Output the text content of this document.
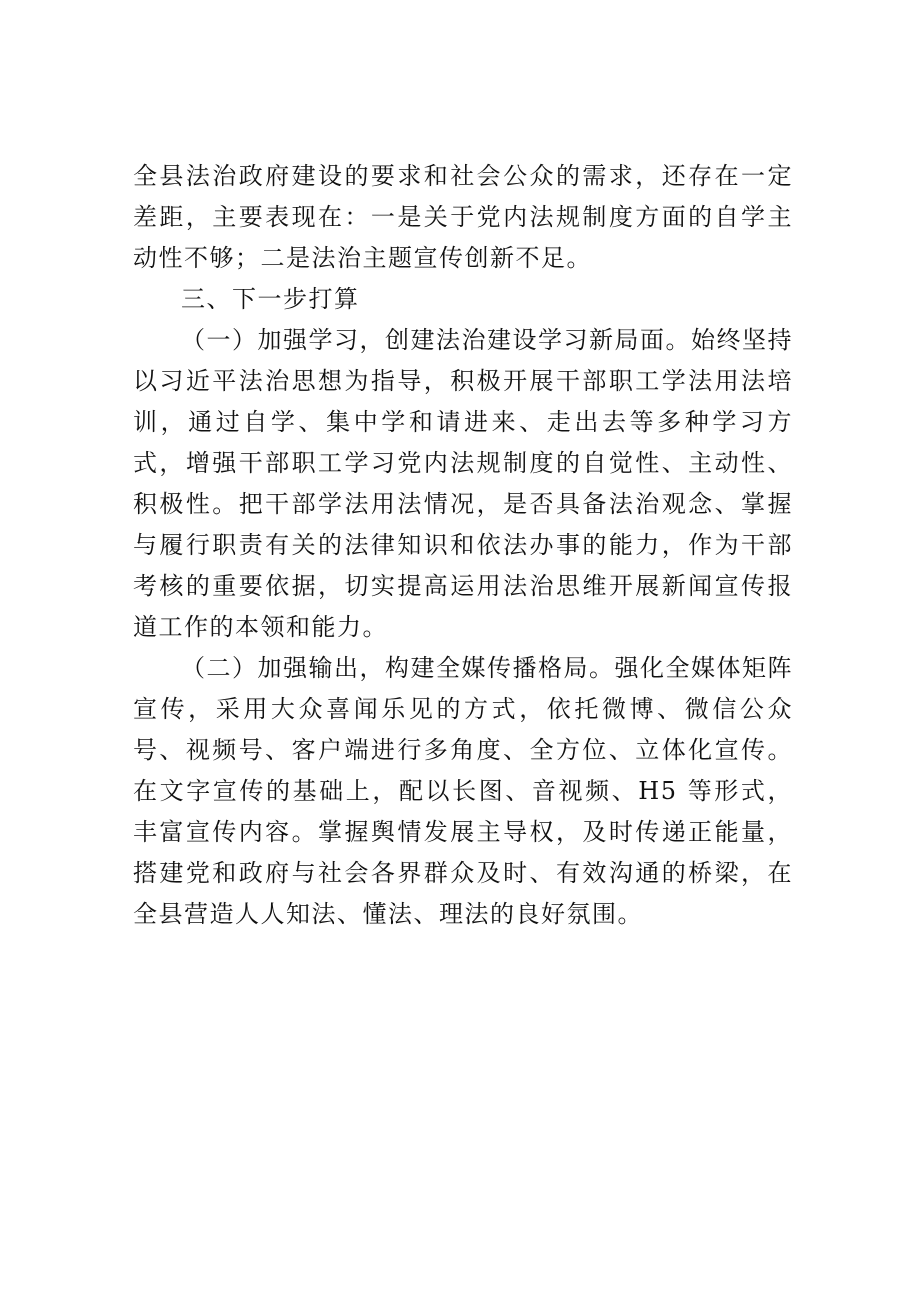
全县法治政府建设的要求和社会公众的需求，还存在一定差距，主要表现在：一是关于党内法规制度方面的自学主动性不够；二是法治主题宣传创新不足。

三、下一步打算

（一）加强学习，创建法治建设学习新局面。始终坚持以习近平法治思想为指导，积极开展干部职工学法用法培训，通过自学、集中学和请进来、走出去等多种学习方式，增强干部职工学习党内法规制度的自觉性、主动性、积极性。把干部学法用法情况，是否具备法治观念、掌握与履行职责有关的法律知识和依法办事的能力，作为干部考核的重要依据，切实提高运用法治思维开展新闻宣传报道工作的本领和能力。

（二）加强输出，构建全媒传播格局。强化全媒体矩阵宣传，采用大众喜闻乐见的方式，依托微博、微信公众号、视频号、客户端进行多角度、全方位、立体化宣传。在文字宣传的基础上，配以长图、音视频、H5 等形式，丰富宣传内容。掌握舆情发展主导权，及时传递正能量，搭建党和政府与社会各界群众及时、有效沟通的桥梁，在全县营造人人知法、懂法、理法的良好氛围。
